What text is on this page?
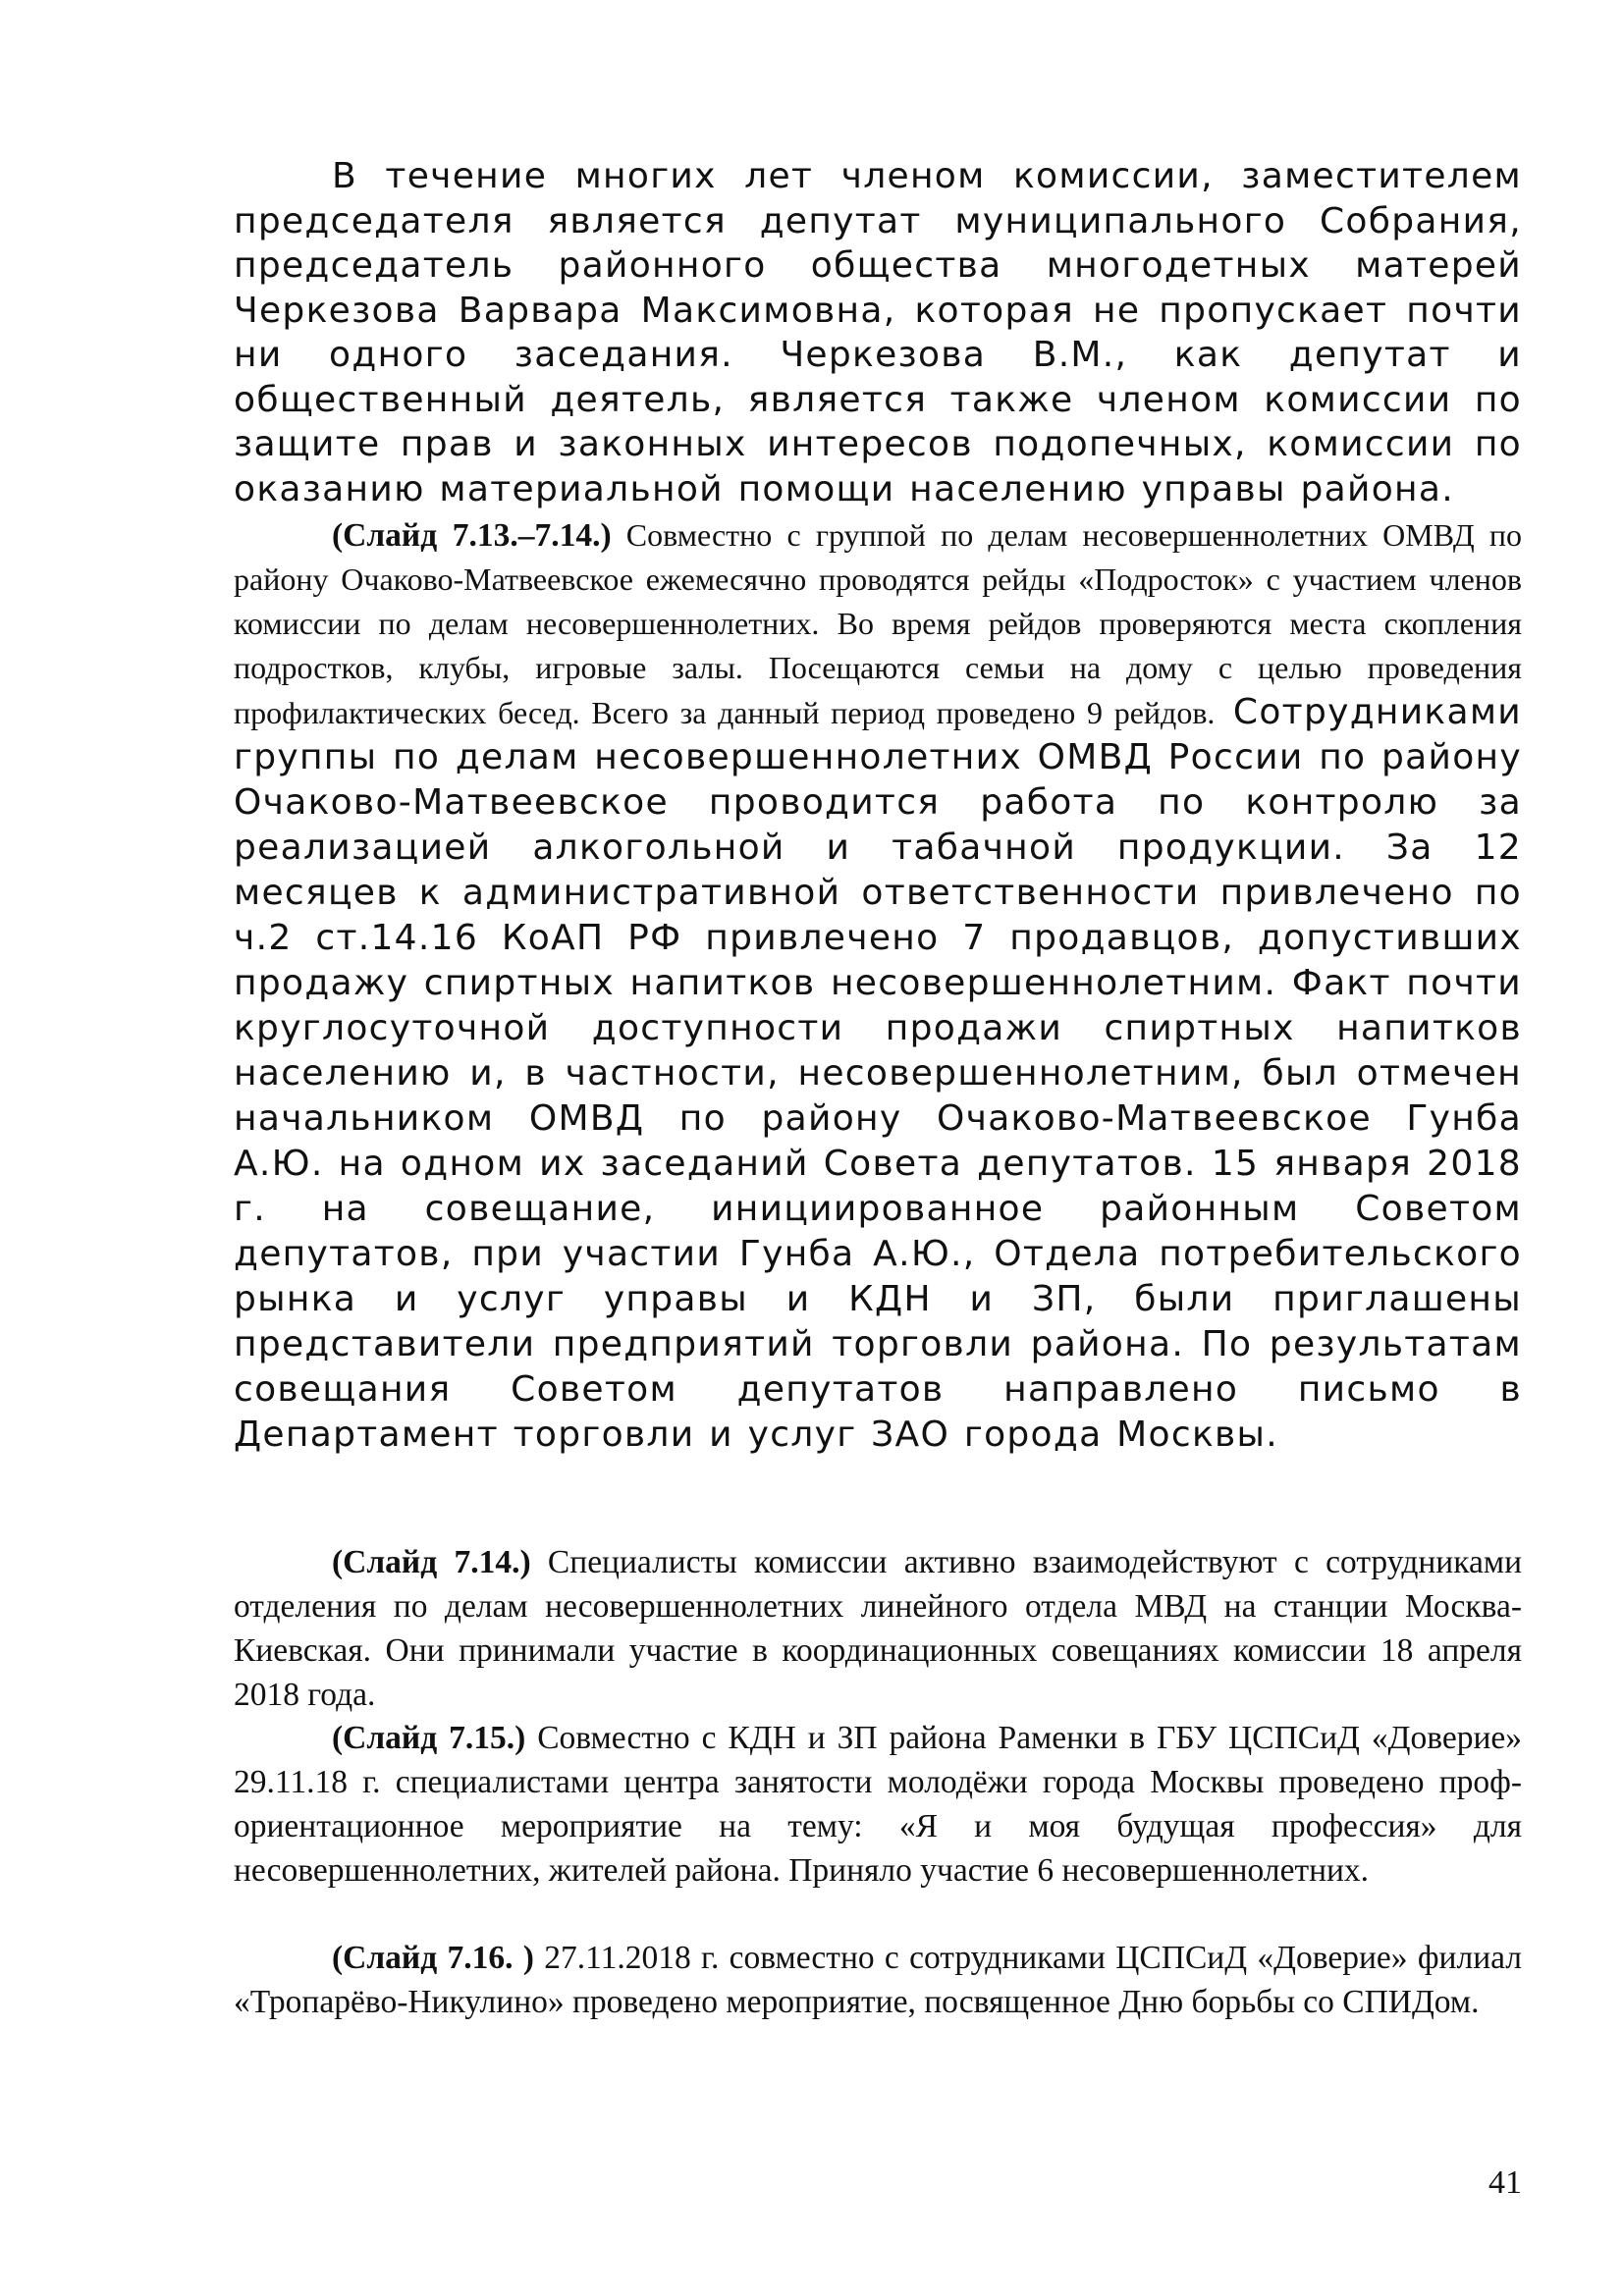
В течение многих лет членом комиссии, заместителем председателя является депутат муниципального Собрания, председатель районного общества многодетных матерей Черкезова Варвара Максимовна, которая не пропускает почти ни одного заседания. Черкезова В.М., как депутат и общественный деятель, является также членом комиссии по защите прав и законных интересов подопечных, комиссии по оказанию материальной помощи населению управы района.

(Слайд 7.13.–7.14.) Совместно с группой по делам несовершеннолетних ОМВД по району Очаково-Матвеевское ежемесячно проводятся рейды «Подросток» с участием членов комиссии по делам несовершеннолетних. Во время рейдов проверяются места скопления подростков, клубы, игровые залы. Посещаются семьи на дому с целью проведения профилактических бесед. Всего за данный период проведено 9 рейдов. Сотрудниками группы по делам несовершеннолетних ОМВД России по району Очаково-Матвеевское проводится работа по контролю за реализацией алкогольной и табачной продукции. За 12 месяцев к административной ответственности привлечено по ч.2 ст.14.16 КоАП РФ привлечено 7 продавцов, допустивших продажу спиртных напитков несовершеннолетним. Факт почти круглосуточной доступности продажи спиртных напитков населению и, в частности, несовершеннолетним, был отмечен начальником ОМВД по району Очаково-Матвеевское Гунба А.Ю. на одном их заседаний Совета депутатов. 15 января 2018 г. на совещание, инициированное районным Советом депутатов, при участии Гунба А.Ю., Отдела потребительского рынка и услуг управы и КДН и ЗП, были приглашены представители предприятий торговли района. По результатам совещания Советом депутатов направлено письмо в Департамент торговли и услуг ЗАО города Москвы.

(Слайд 7.14.) Специалисты комиссии активно взаимодействуют с сотрудниками отделения по делам несовершеннолетних линейного отдела МВД на станции Москва-Киевская. Они принимали участие в координационных совещаниях комиссии 18 апреля 2018 года.

(Слайд 7.15.) Совместно с КДН и ЗП района Раменки в ГБУ ЦСПСиД «Доверие» 29.11.18 г. специалистами центра занятости молодёжи города Москвы проведено проф-ориентационное мероприятие на тему: «Я и моя будущая профессия» для несовершеннолетних, жителей района. Приняло участие 6 несовершеннолетних.

(Слайд 7.16. ) 27.11.2018 г. совместно с сотрудниками ЦСПСиД «Доверие» филиал «Тропарёво-Никулино» проведено мероприятие, посвященное Дню борьбы со СПИДом.

41
